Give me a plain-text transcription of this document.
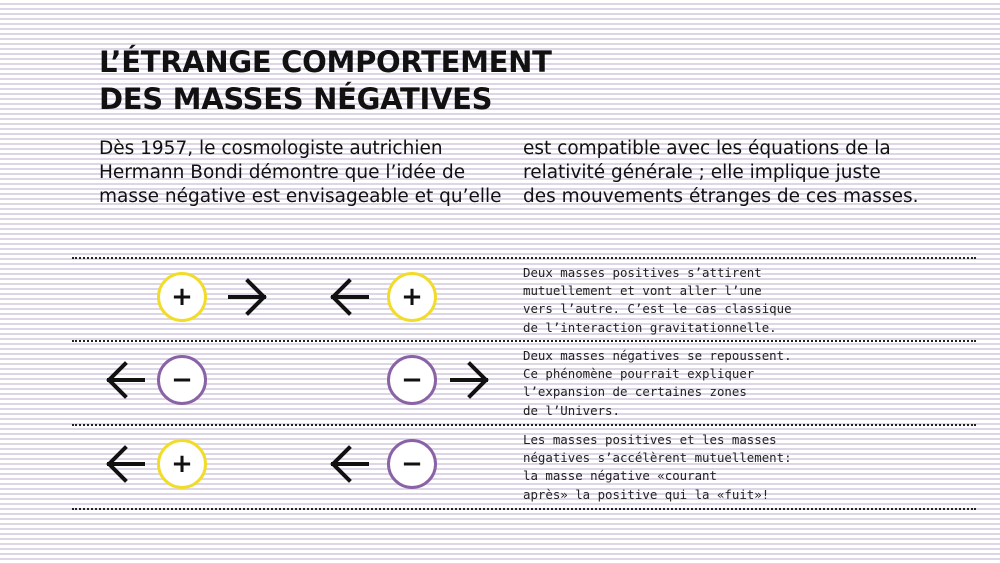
L’ÉTRANGE COMPORTEMENT
DES MASSES NÉGATIVES
Dès 1957, le cosmologiste autrichien
Hermann Bondi démontre que l’idée de
masse négative est envisageable et qu’elle
est compatible avec les équations de la
relativité générale ; elle implique juste
des mouvements étranges de ces masses.
+	+
Deux masses positives s’attirent
mutuellement et vont aller l’une
vers l’autre. C’est le cas classique
de l’interaction gravitationnelle.
−	−
Deux masses négatives se repoussent.
Ce phénomène pourrait expliquer
l’expansion de certaines zones
de l’Univers.
+	−
Les masses positives et les masses
négatives s’accélèrent mutuellement:
la masse négative «courant
après» la positive qui la «fuit»!
